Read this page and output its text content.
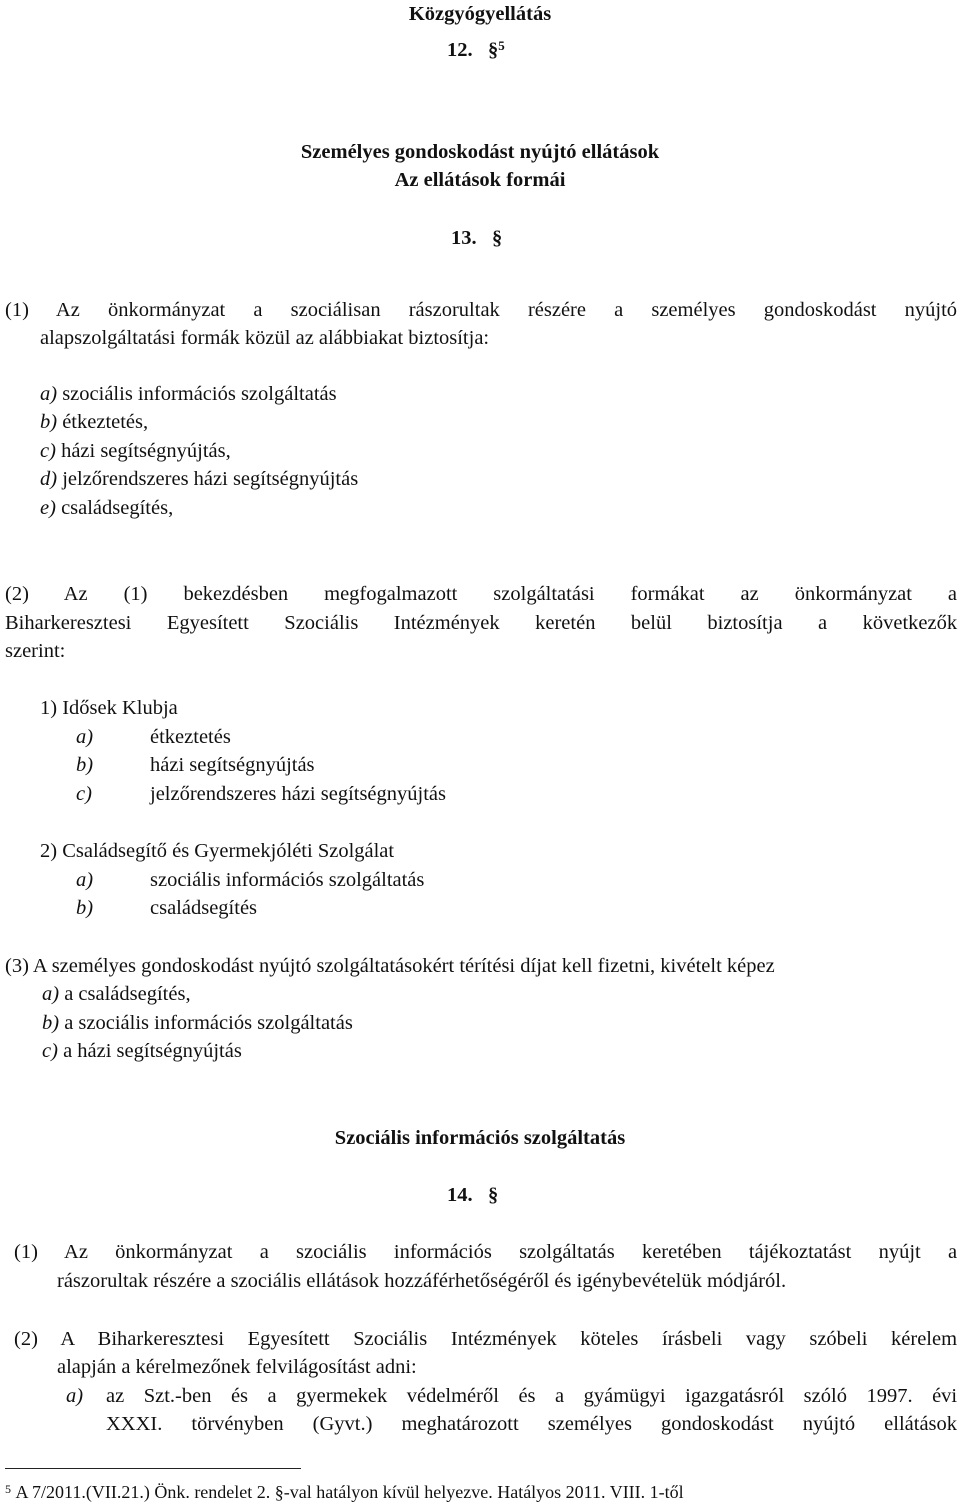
Közgyógyellátás
12. §$^5$
Személyes gondoskodást nyújtó ellátások
Az ellátások formái
13. §
(1) Az önkormányzat a szociálisan rászorultak részére a személyes gondoskodást nyújtó
alapszolgáltatási formák közül az alábbiakat biztosítja:
a) szociális információs szolgáltatás
b) étkeztetés,
c) házi segítségnyújtás,
d) jelzőrendszeres házi segítségnyújtás
e) családsegítés,
(2) Az (1) bekezdésben megfogalmazott szolgáltatási formákat az önkormányzat a
Biharkeresztesi Egyesített Szociális Intézmények keretén belül biztosítja a következők
szerint:
1) Idősek Klubja
a)	étkeztetés
b)	házi segítségnyújtás
c)	jelzőrendszeres házi segítségnyújtás
2) Családsegítő és Gyermekjóléti Szolgálat
a)	szociális információs szolgáltatás
b)	családsegítés
(3) A személyes gondoskodást nyújtó szolgáltatásokért térítési díjat kell fizetni, kivételt képez
a) a családsegítés,
b) a szociális információs szolgáltatás
c) a házi segítségnyújtás
Szociális információs szolgáltatás
14. §
(1) Az önkormányzat a szociális információs szolgáltatás keretében tájékoztatást nyújt a
rászorultak részére a szociális ellátások hozzáférhetőségéről és igénybevételük módjáról.
(2) A Biharkeresztesi Egyesített Szociális Intézmények köteles írásbeli vagy szóbeli kérelem
alapján a kérelmezőnek felvilágosítást adni:
a) az Szt.-ben és a gyermekek védelméről és a gyámügyi igazgatásról szóló 1997. évi
XXXI. törvényben (Gyvt.) meghatározott személyes gondoskodást nyújtó ellátások
$^5$ A 7/2011.(VII.21.) Önk. rendelet 2. §-val hatályon kívül helyezve. Hatályos 2011. VIII. 1-től
